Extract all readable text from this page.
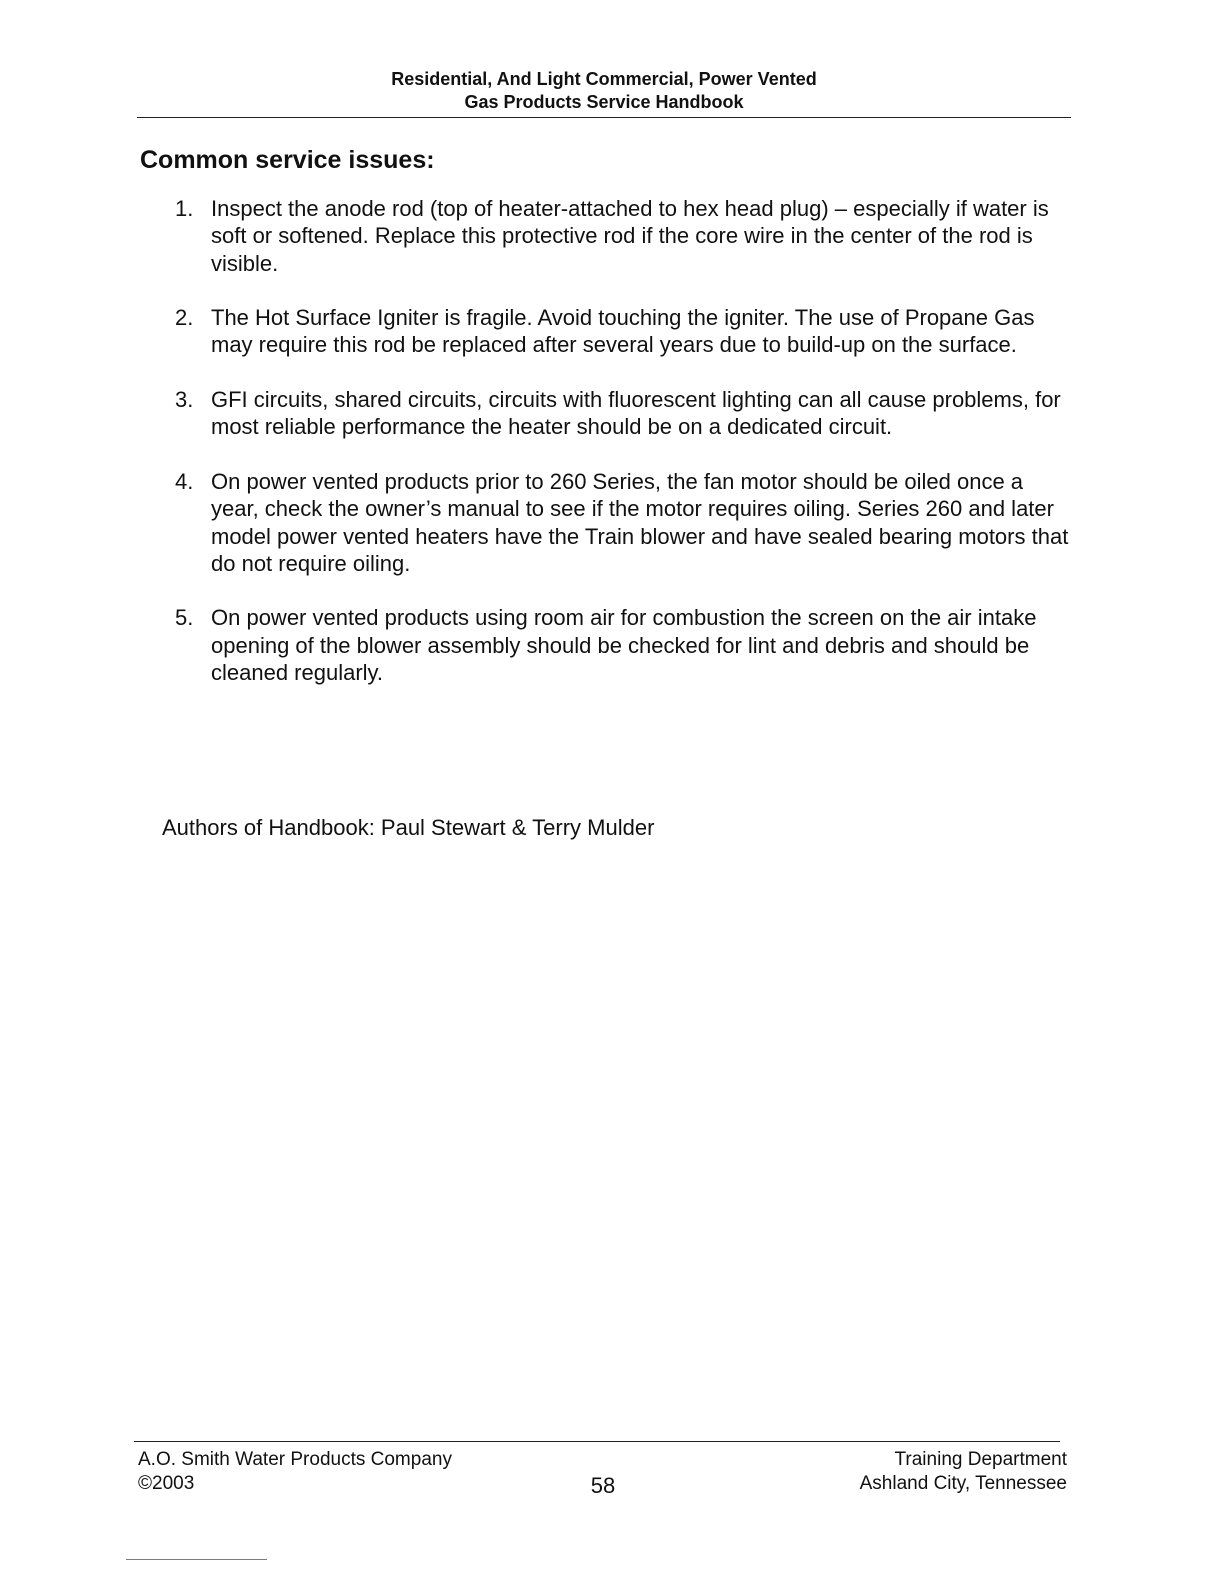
Residential, And Light Commercial, Power Vented
Gas Products Service Handbook
Common service issues:
1. Inspect the anode rod (top of heater-attached to hex head plug) – especially if water is soft or softened. Replace this protective rod if the core wire in the center of the rod is visible.
2. The Hot Surface Igniter is fragile. Avoid touching the igniter. The use of Propane Gas may require this rod be replaced after several years due to build-up on the surface.
3. GFI circuits, shared circuits, circuits with fluorescent lighting can all cause problems, for most reliable performance the heater should be on a dedicated circuit.
4. On power vented products prior to 260 Series, the fan motor should be oiled once a year, check the owner’s manual to see if the motor requires oiling. Series 260 and later model power vented heaters have the Train blower and have sealed bearing motors that do not require oiling.
5. On power vented products using room air for combustion the screen on the air intake opening of the blower assembly should be checked for lint and debris and should be cleaned regularly.
Authors of Handbook: Paul Stewart & Terry Mulder
A.O. Smith Water Products Company
©2003	58
Training Department
Ashland City, Tennessee
